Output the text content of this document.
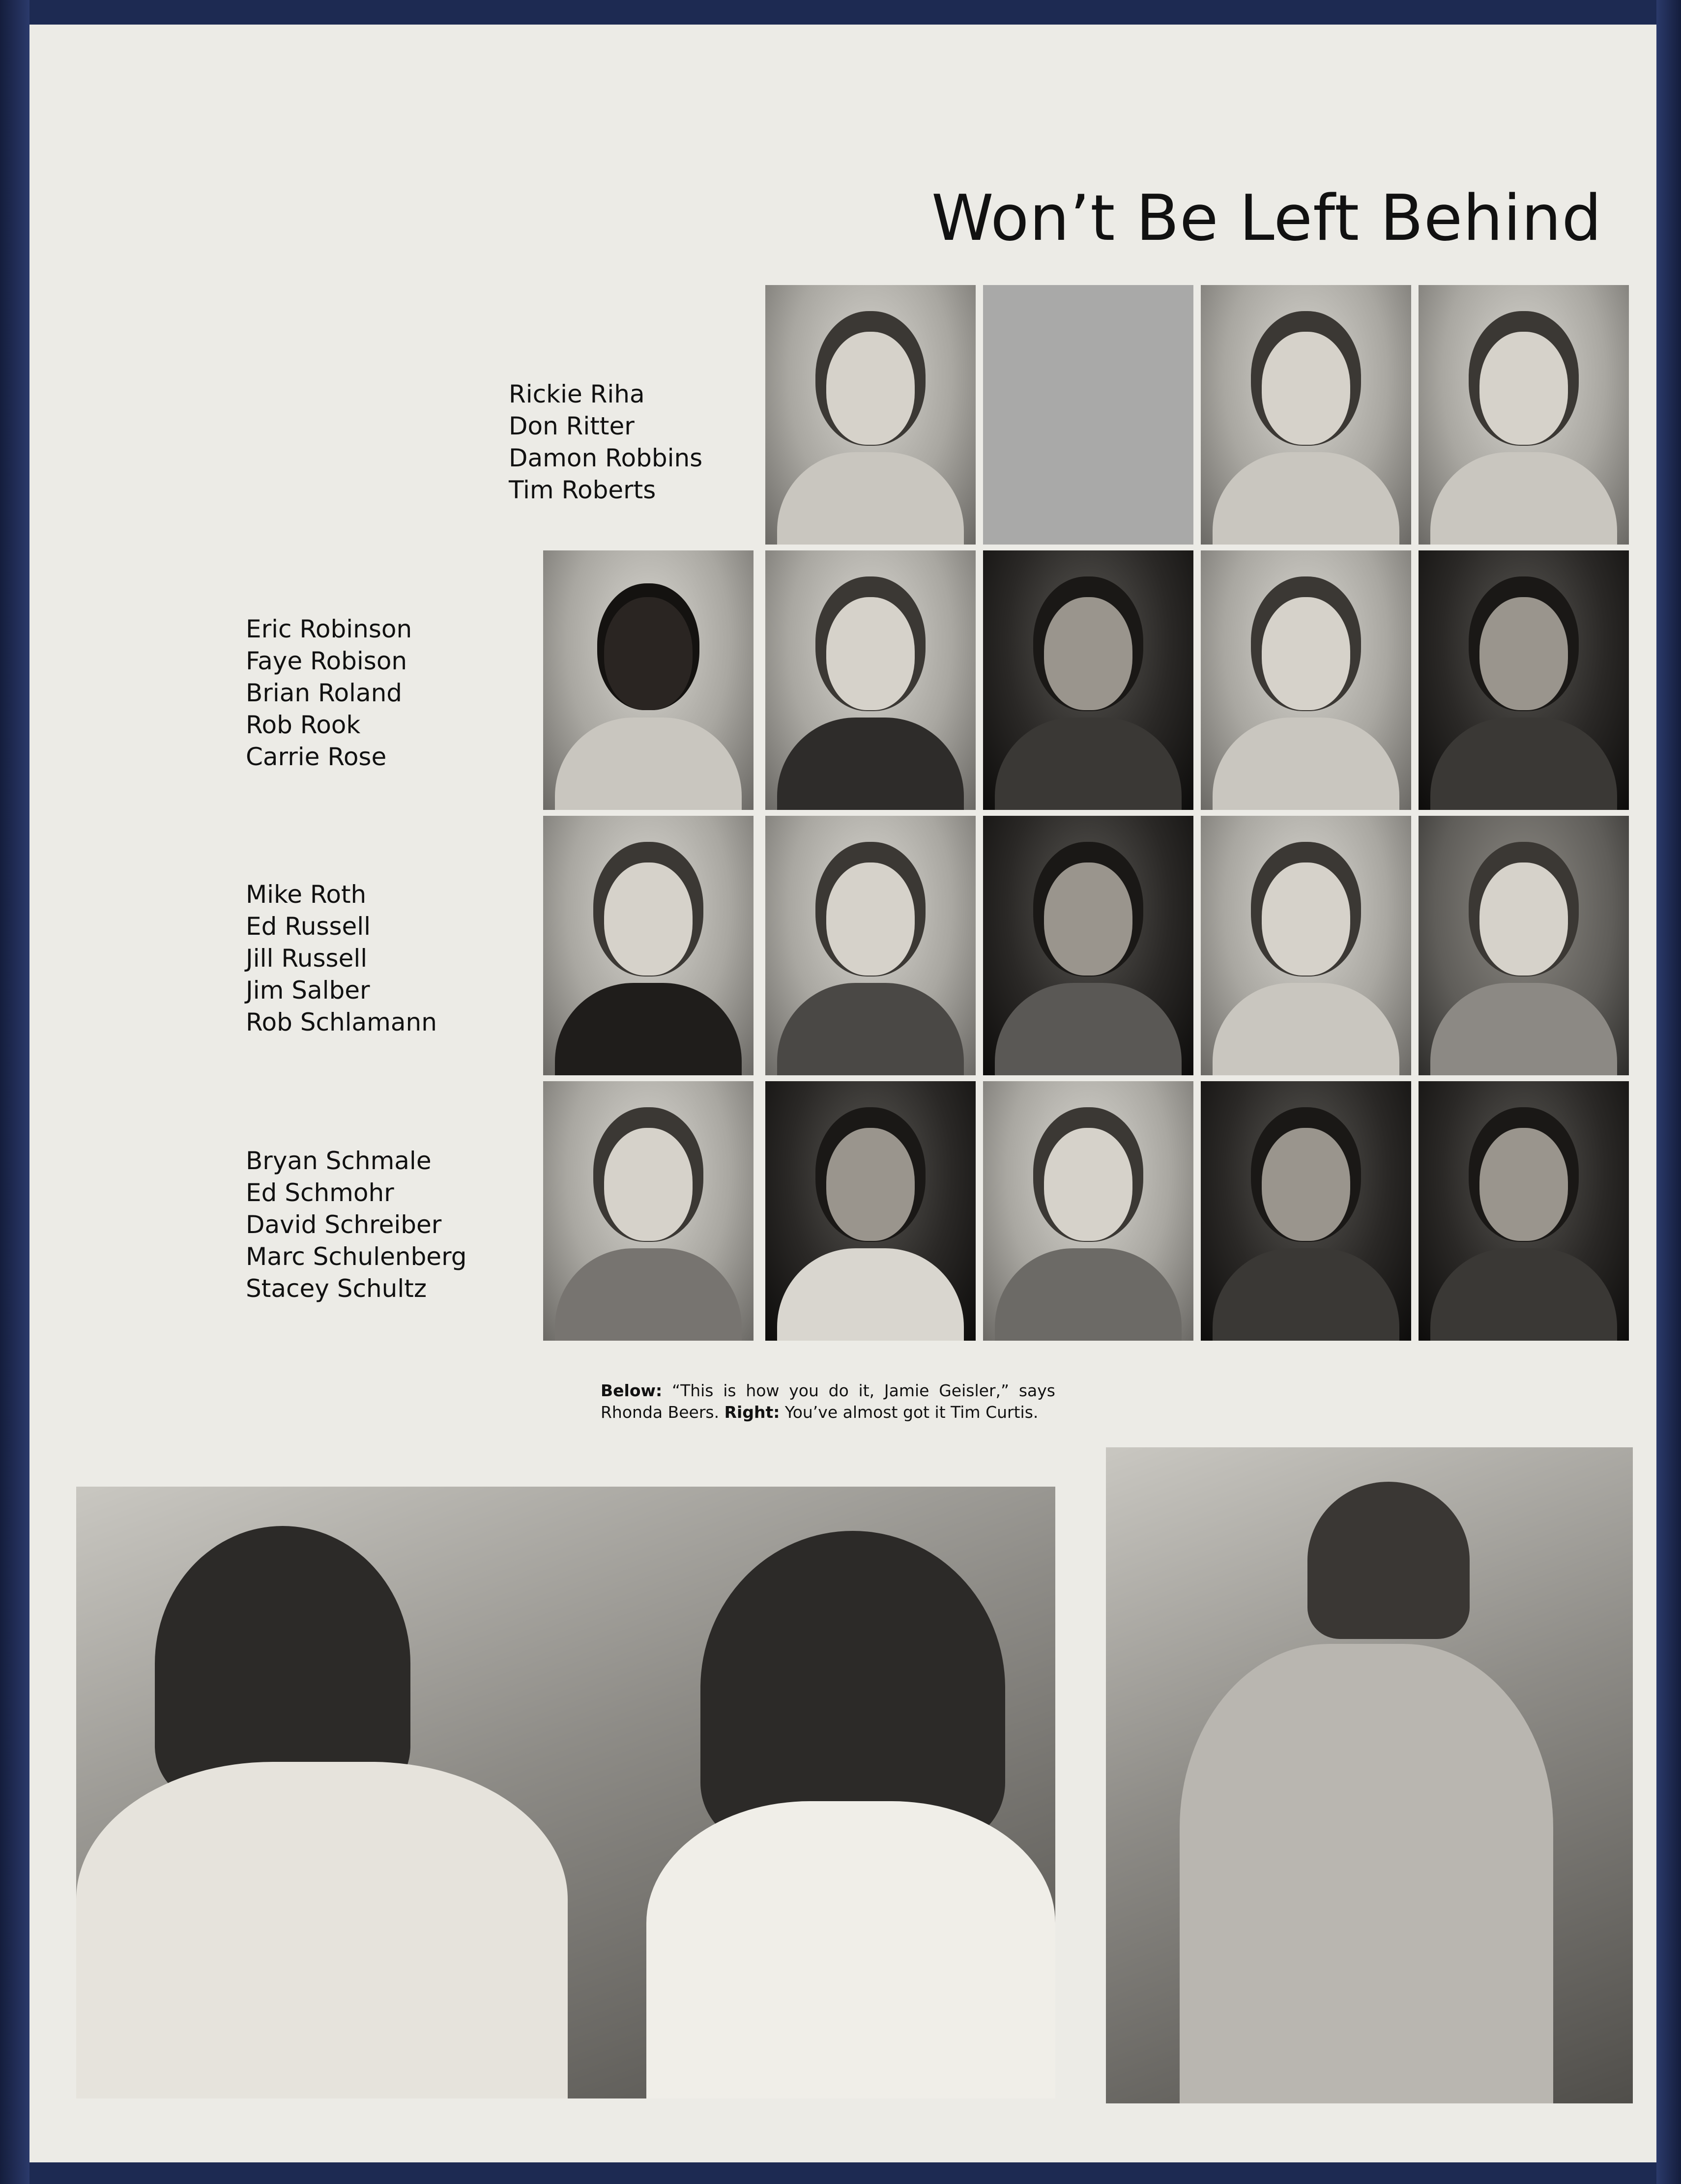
Won’t Be Left Behind
Rickie Riha
Don Ritter
Damon Robbins
Tim Roberts
Eric Robinson
Faye Robison
Brian Roland
Rob Rook
Carrie Rose
Mike Roth
Ed Russell
Jill Russell
Jim Salber
Rob Schlamann
Bryan Schmale
Ed Schmohr
David Schreiber
Marc Schulenberg
Stacey Schultz
Below: “This is how you do it, Jamie Geisler,” says Rhonda Beers. Right: You’ve almost got it Tim Curtis.
